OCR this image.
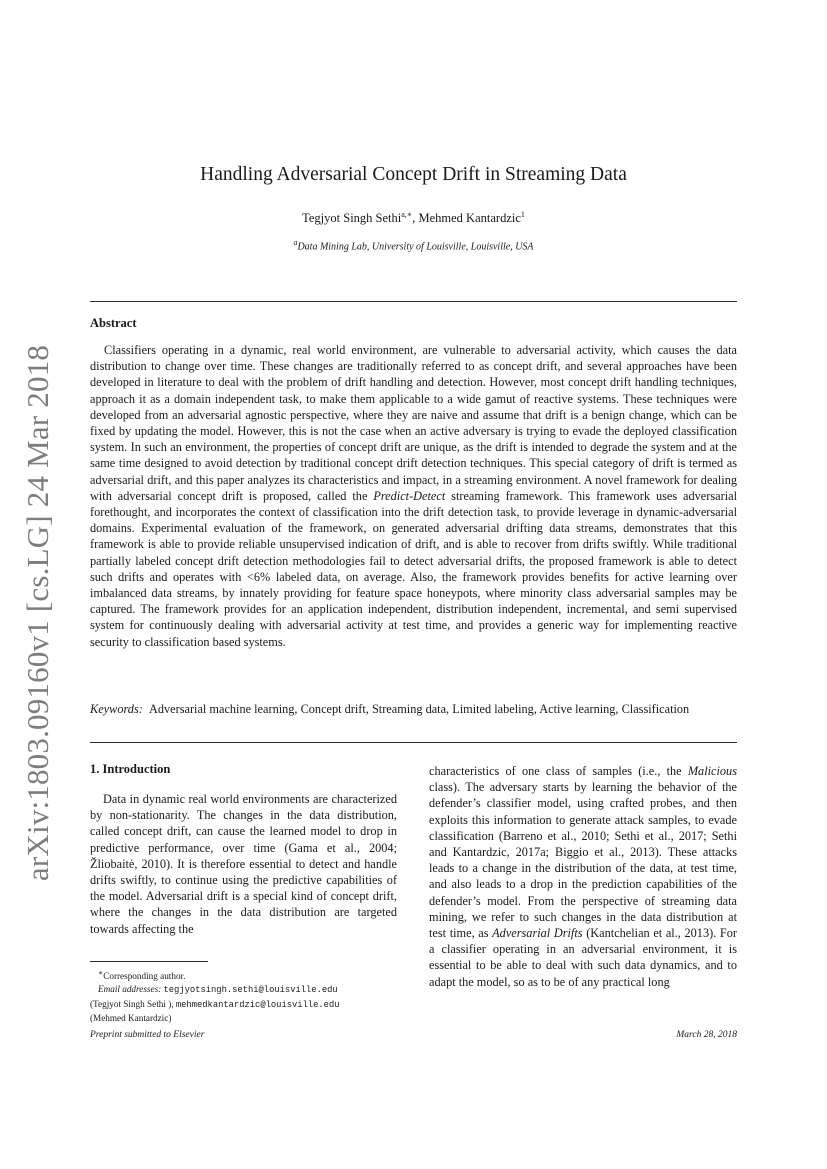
arXiv:1803.09160v1 [cs.LG] 24 Mar 2018
Handling Adversarial Concept Drift in Streaming Data
Tegjyot Singh Sethi$^{a,∗}$, Mehmed Kantardzic$^1$
$^a$Data Mining Lab, University of Louisville, Louisville, USA
Abstract

Classifiers operating in a dynamic, real world environment, are vulnerable to adversarial activity, which causes the data distribution to change over time. These changes are traditionally referred to as concept drift, and several approaches have been developed in literature to deal with the problem of drift handling and detection. However, most concept drift handling techniques, approach it as a domain independent task, to make them applicable to a wide gamut of reactive systems. These techniques were developed from an adversarial agnostic perspective, where they are naive and assume that drift is a benign change, which can be fixed by updating the model. However, this is not the case when an active adversary is trying to evade the deployed classification system. In such an environment, the properties of concept drift are unique, as the drift is intended to degrade the system and at the same time designed to avoid detection by traditional concept drift detection techniques. This special category of drift is termed as adversarial drift, and this paper analyzes its characteristics and impact, in a streaming environment. A novel framework for dealing with adversarial concept drift is proposed, called the Predict-Detect streaming framework. This framework uses adversarial forethought, and incorporates the context of classification into the drift detection task, to provide leverage in dynamic-adversarial domains. Experimental evaluation of the framework, on generated adversarial drifting data streams, demonstrates that this framework is able to provide reliable unsupervised indication of drift, and is able to recover from drifts swiftly. While traditional partially labeled concept drift detection methodologies fail to detect adversarial drifts, the proposed framework is able to detect such drifts and operates with <6% labeled data, on average. Also, the framework provides benefits for active learning over imbalanced data streams, by innately providing for feature space honeypots, where minority class adversarial samples may be captured. The framework provides for an application independent, distribution independent, incremental, and semi supervised system for continuously dealing with adversarial activity at test time, and provides a generic way for implementing reactive security to classification based systems.

Keywords: Adversarial machine learning, Concept drift, Streaming data, Limited labeling, Active learning, Classification

1. Introduction

Data in dynamic real world environments are characterized by non-stationarity. The changes in the data distribution, called concept drift, can cause the learned model to drop in predictive performance, over time (Gama et al., 2004; Žliobaitė, 2010). It is therefore essential to detect and handle drifts swiftly, to continue using the predictive capabilities of the model. Adversarial drift is a special kind of concept drift, where the changes in the data distribution are targeted towards affecting the

characteristics of one class of samples (i.e., the Malicious class). The adversary starts by learning the behavior of the defender’s classifier model, using crafted probes, and then exploits this information to generate attack samples, to evade classification (Barreno et al., 2010; Sethi et al., 2017; Sethi and Kantardzic, 2017a; Biggio et al., 2013). These attacks leads to a change in the distribution of the data, at test time, and also leads to a drop in the prediction capabilities of the defender’s model. From the perspective of streaming data mining, we refer to such changes in the data distribution at test time, as Adversarial Drifts (Kantchelian et al., 2013). For a classifier operating in an adversarial environment, it is essential to be able to deal with such data dynamics, and to adapt the model, so as to be of any practical long

∗Corresponding author.
Email addresses: tegjyotsingh.sethi@louisville.edu
(Tegjyot Singh Sethi ), mehmedkantardzic@louisville.edu
(Mehmed Kantardzic)
Preprint submitted to Elsevier	March 28, 2018
